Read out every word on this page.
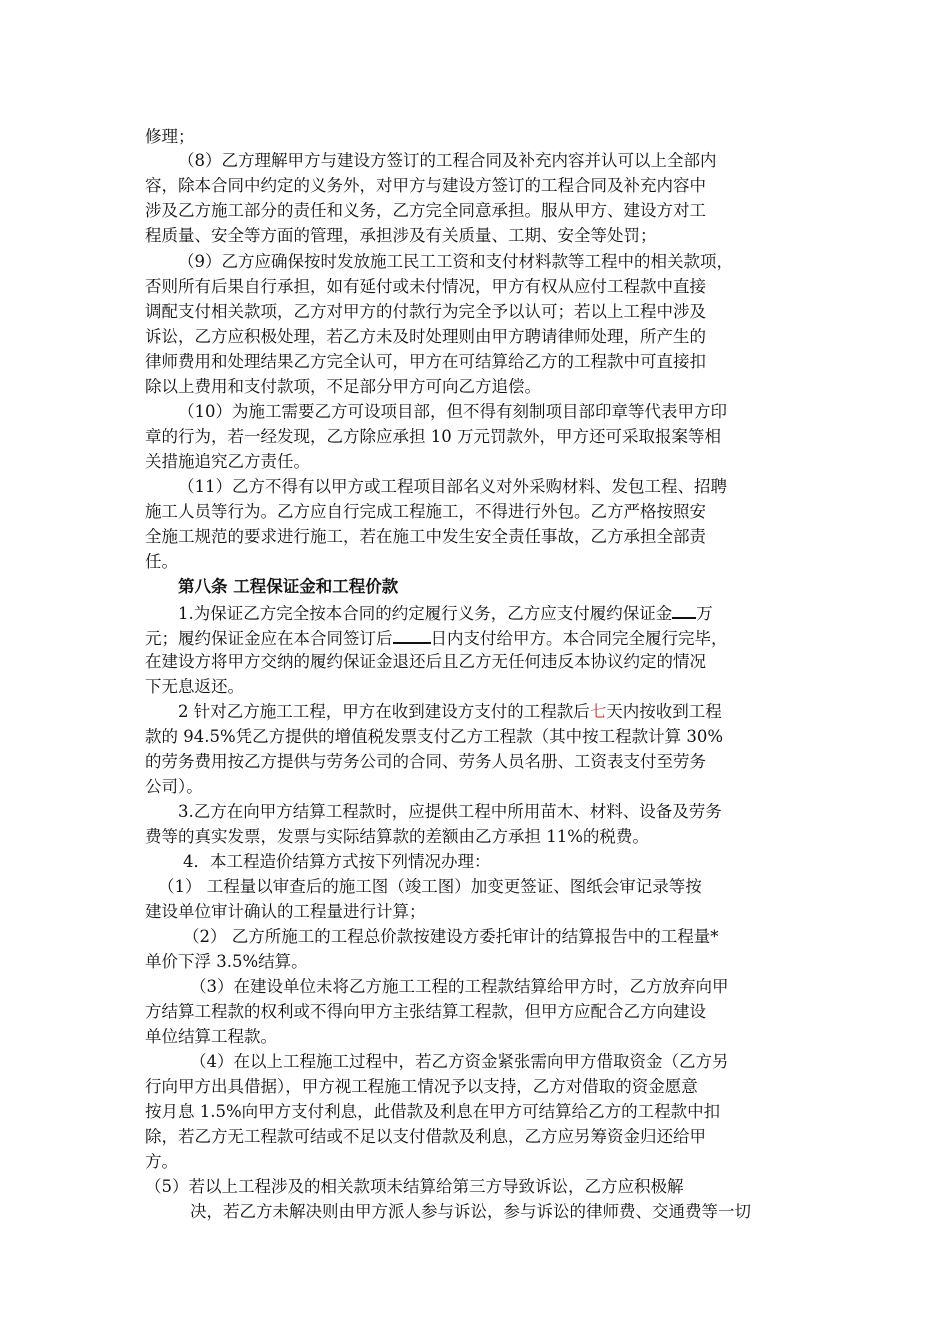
修理；
（8）乙方理解甲方与建设方签订的工程合同及补充内容并认可以上全部内
容，除本合同中约定的义务外，对甲方与建设方签订的工程合同及补充内容中
涉及乙方施工部分的责任和义务，乙方完全同意承担。服从甲方、建设方对工
程质量、安全等方面的管理，承担涉及有关质量、工期、安全等处罚；
（9）乙方应确保按时发放施工民工工资和支付材料款等工程中的相关款项，
否则所有后果自行承担，如有延付或未付情况，甲方有权从应付工程款中直接
调配支付相关款项，乙方对甲方的付款行为完全予以认可；若以上工程中涉及
诉讼，乙方应积极处理，若乙方未及时处理则由甲方聘请律师处理，所产生的
律师费用和处理结果乙方完全认可，甲方在可结算给乙方的工程款中可直接扣
除以上费用和支付款项，不足部分甲方可向乙方追偿。
（10）为施工需要乙方可设项目部，但不得有刻制项目部印章等代表甲方印
章的行为，若一经发现，乙方除应承担 10 万元罚款外，甲方还可采取报案等相
关措施追究乙方责任。
（11）乙方不得有以甲方或工程项目部名义对外采购材料、发包工程、招聘
施工人员等行为。乙方应自行完成工程施工，不得进行外包。乙方严格按照安
全施工规范的要求进行施工，若在施工中发生安全责任事故，乙方承担全部责
任。
第八条 工程保证金和工程价款
1.为保证乙方完全按本合同的约定履行义务，乙方应支付履约保证金 万
元；履约保证金应在本合同签订后 日内支付给甲方。本合同完全履行完毕，
在建设方将甲方交纳的履约保证金退还后且乙方无任何违反本协议约定的情况
下无息返还。
2 针对乙方施工工程，甲方在收到建设方支付的工程款后七天内按收到工程
款的 94.5%凭乙方提供的增值税发票支付乙方工程款（其中按工程款计算 30%
的劳务费用按乙方提供与劳务公司的合同、劳务人员名册、工资表支付至劳务
公司）。
3.乙方在向甲方结算工程款时，应提供工程中所用苗木、材料、设备及劳务
费等的真实发票，发票与实际结算款的差额由乙方承担 11%的税费。
4．本工程造价结算方式按下列情况办理：
（1） 工程量以审查后的施工图（竣工图）加变更签证、图纸会审记录等按
建设单位审计确认的工程量进行计算；
（2） 乙方所施工的工程总价款按建设方委托审计的结算报告中的工程量*
单价下浮 3.5%结算。
（3）在建设单位未将乙方施工工程的工程款结算给甲方时，乙方放弃向甲
方结算工程款的权利或不得向甲方主张结算工程款，但甲方应配合乙方向建设
单位结算工程款。
（4）在以上工程施工过程中，若乙方资金紧张需向甲方借取资金（乙方另
行向甲方出具借据），甲方视工程施工情况予以支持，乙方对借取的资金愿意
按月息 1.5%向甲方支付利息，此借款及利息在甲方可结算给乙方的工程款中扣
除，若乙方无工程款可结或不足以支付借款及利息，乙方应另筹资金归还给甲
方。
（5）若以上工程涉及的相关款项未结算给第三方导致诉讼，乙方应积极解
决，若乙方未解决则由甲方派人参与诉讼，参与诉讼的律师费、交通费等一切
